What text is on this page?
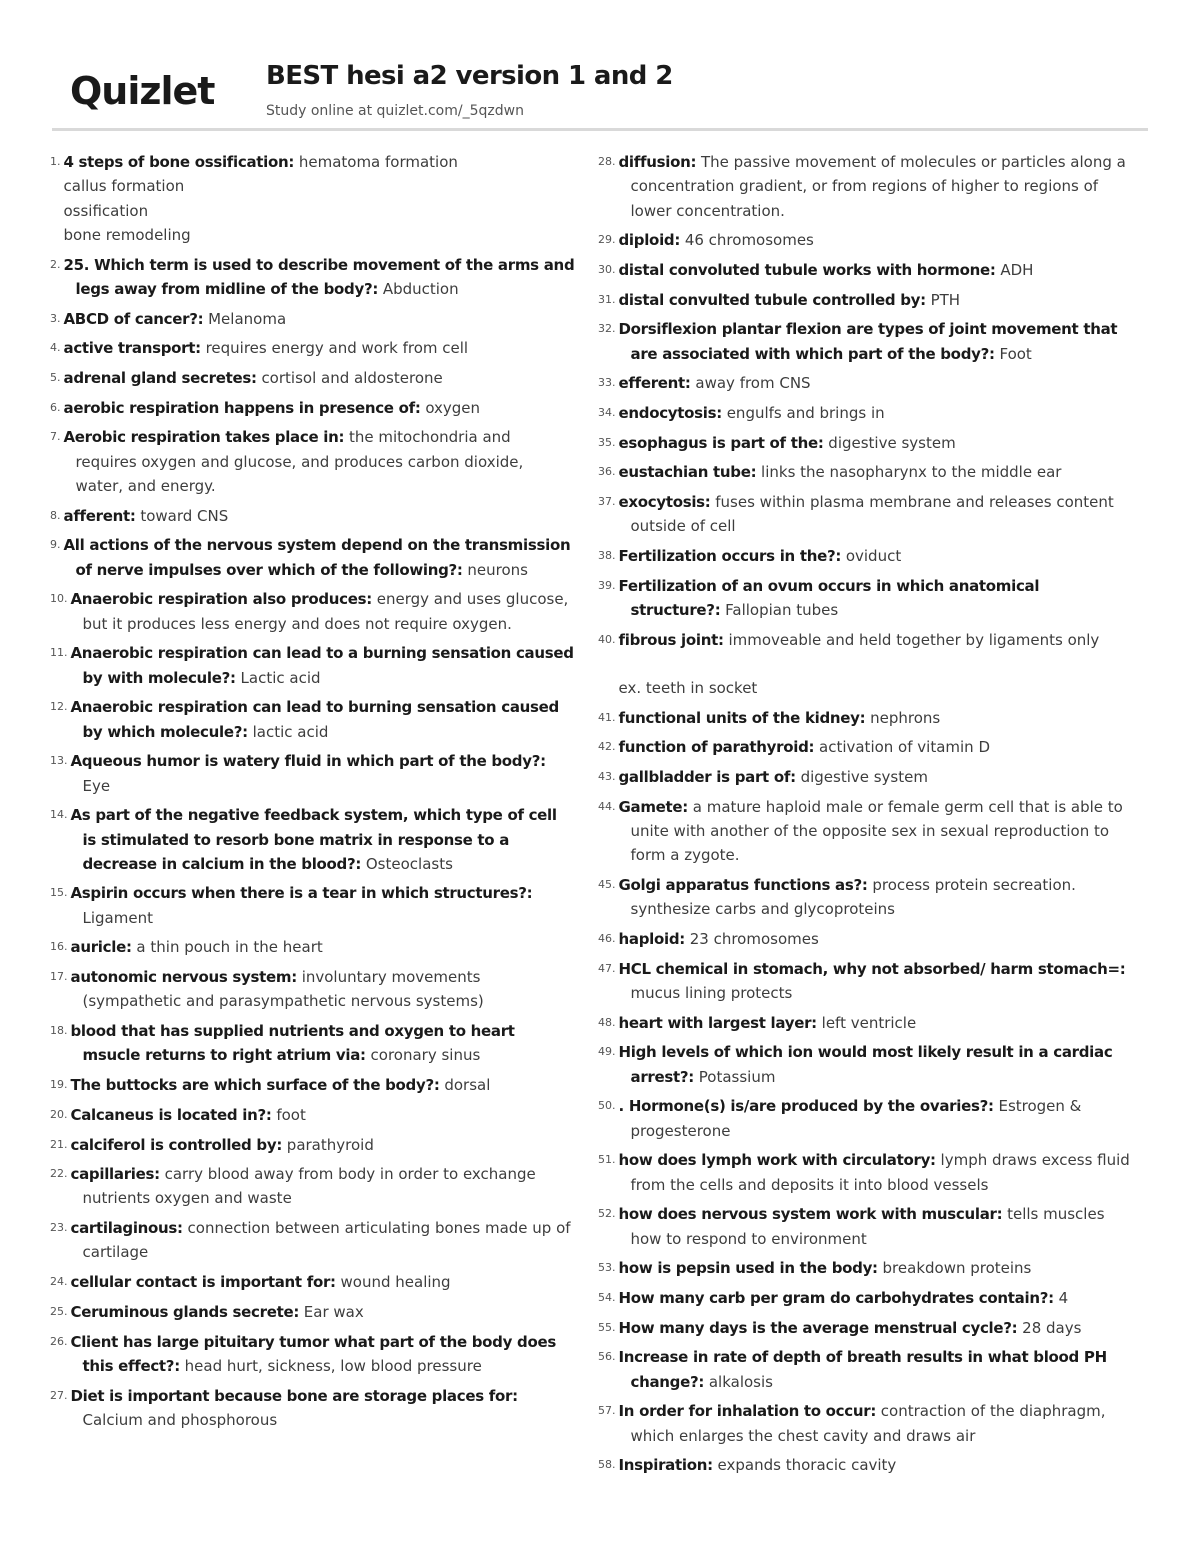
Quizlet BEST hesi a2 version 1 and 2
Study online at quizlet.com/_5qzdwn
1. 4 steps of bone ossification: hematoma formation
callus formation
ossification
bone remodeling
2. 25. Which term is used to describe movement of the arms and legs away from midline of the body?: Abduction
3. ABCD of cancer?: Melanoma
4. active transport: requires energy and work from cell
5. adrenal gland secretes: cortisol and aldosterone
6. aerobic respiration happens in presence of: oxygen
7. Aerobic respiration takes place in: the mitochondria and requires oxygen and glucose, and produces carbon dioxide, water, and energy.
8. afferent: toward CNS
9. All actions of the nervous system depend on the transmission of nerve impulses over which of the following?: neurons
10. Anaerobic respiration also produces: energy and uses glucose, but it produces less energy and does not require oxygen.
11. Anaerobic respiration can lead to a burning sensation caused by with molecule?: Lactic acid
12. Anaerobic respiration can lead to burning sensation caused by which molecule?: lactic acid
13. Aqueous humor is watery fluid in which part of the body?: Eye
14. As part of the negative feedback system, which type of cell is stimulated to resorb bone matrix in response to a decrease in calcium in the blood?: Osteoclasts
15. Aspirin occurs when there is a tear in which structures?: Ligament
16. auricle: a thin pouch in the heart
17. autonomic nervous system: involuntary movements (sympathetic and parasympathetic nervous systems)
18. blood that has supplied nutrients and oxygen to heart msucle returns to right atrium via: coronary sinus
19. The buttocks are which surface of the body?: dorsal
20. Calcaneus is located in?: foot
21. calciferol is controlled by: parathyroid
22. capillaries: carry blood away from body in order to exchange nutrients oxygen and waste
23. cartilaginous: connection between articulating bones made up of cartilage
24. cellular contact is important for: wound healing
25. Ceruminous glands secrete: Ear wax
26. Client has large pituitary tumor what part of the body does this effect?: head hurt, sickness, low blood pressure
27. Diet is important because bone are storage places for: Calcium and phosphorous
28. diffusion: The passive movement of molecules or particles along a concentration gradient, or from regions of higher to regions of lower concentration.
29. diploid: 46 chromosomes
30. distal convoluted tubule works with hormone: ADH
31. distal convulted tubule controlled by: PTH
32. Dorsiflexion plantar flexion are types of joint movement that are associated with which part of the body?: Foot
33. efferent: away from CNS
34. endocytosis: engulfs and brings in
35. esophagus is part of the: digestive system
36. eustachian tube: links the nasopharynx to the middle ear
37. exocytosis: fuses within plasma membrane and releases content outside of cell
38. Fertilization occurs in the?: oviduct
39. Fertilization of an ovum occurs in which anatomical structure?: Fallopian tubes
40. fibrous joint: immoveable and held together by ligaments only
ex. teeth in socket
41. functional units of the kidney: nephrons
42. function of parathyroid: activation of vitamin D
43. gallbladder is part of: digestive system
44. Gamete: a mature haploid male or female germ cell that is able to unite with another of the opposite sex in sexual reproduction to form a zygote.
45. Golgi apparatus functions as?: process protein secreation. synthesize carbs and glycoproteins
46. haploid: 23 chromosomes
47. HCL chemical in stomach, why not absorbed/ harm stomach=: mucus lining protects
48. heart with largest layer: left ventricle
49. High levels of which ion would most likely result in a cardiac arrest?: Potassium
50. . Hormone(s) is/are produced by the ovaries?: Estrogen & progesterone
51. how does lymph work with circulatory: lymph draws excess fluid from the cells and deposits it into blood vessels
52. how does nervous system work with muscular: tells muscles how to respond to environment
53. how is pepsin used in the body: breakdown proteins
54. How many carb per gram do carbohydrates contain?: 4
55. How many days is the average menstrual cycle?: 28 days
56. Increase in rate of depth of breath results in what blood PH change?: alkalosis
57. In order for inhalation to occur: contraction of the diaphragm, which enlarges the chest cavity and draws air
58. Inspiration: expands thoracic cavity
